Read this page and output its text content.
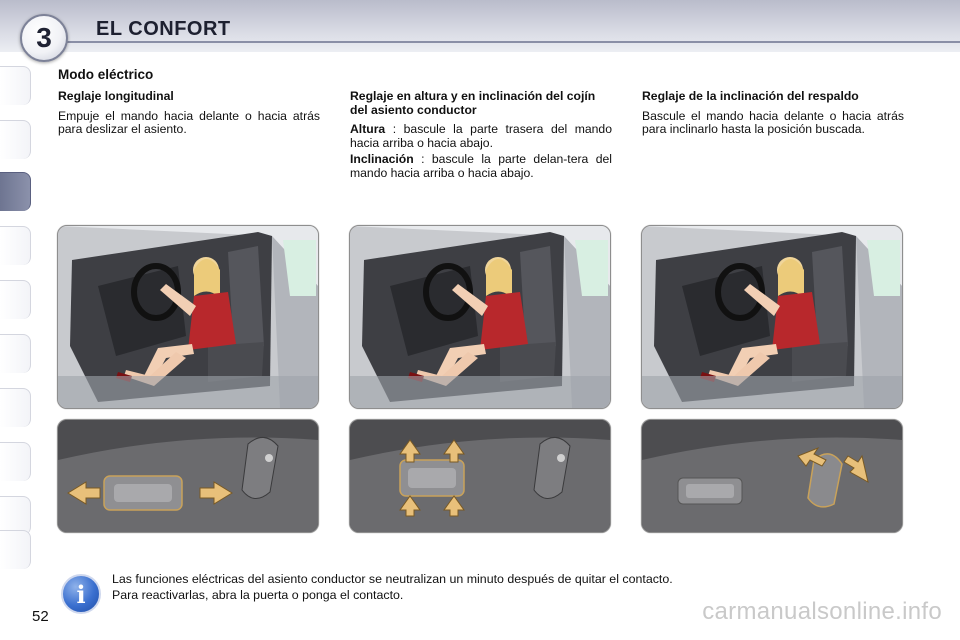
3	EL CONFORT
Modo eléctrico
Reglaje longitudinal

Empuje el mando hacia delante o hacia atrás para deslizar el asiento.

Reglaje en altura y en inclinación del cojín del asiento conductor

Altura : bascule la parte trasera del mando hacia arriba o hacia abajo.

Inclinación : bascule la parte delan-tera del mando hacia arriba o hacia abajo.

Reglaje de la inclinación del respaldo

Bascule el mando hacia delante o hacia atrás para inclinarlo hasta la posición buscada.

i
Las funciones eléctricas del asiento conductor se neutralizan un minuto después de quitar el contacto.
Para reactivarlas, abra la puerta o ponga el contacto.
52	carmanualsonline.info
